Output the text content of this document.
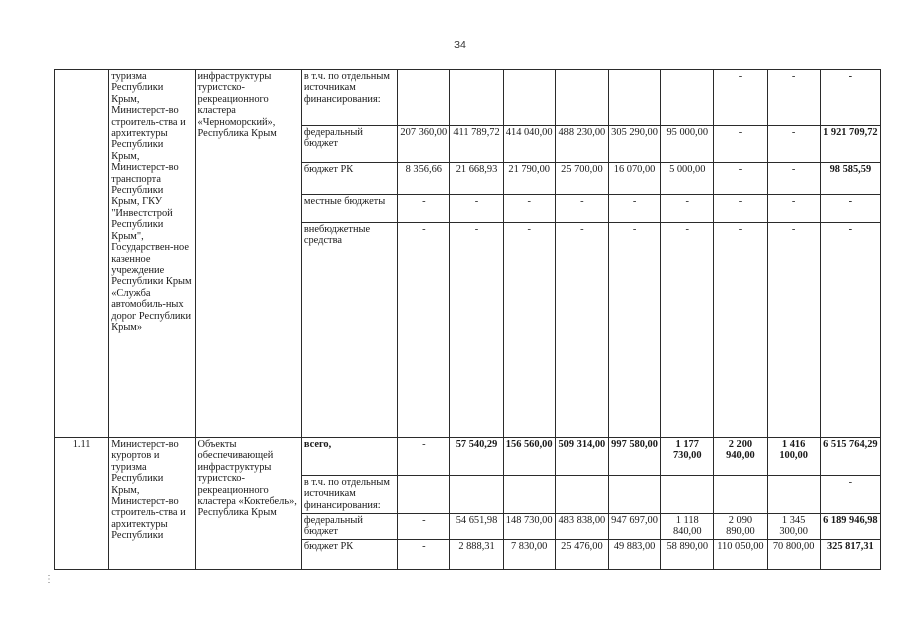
34
	туризма Республики Крым, Министерст-во строитель-ства и архитектуры Республики Крым, Министерст-во транспорта Республики Крым, ГКУ "Инвестстрой Республики Крым", Государствен-ное казенное учреждение Республики Крым «Служба автомобиль-ных дорог Республики Крым»	инфраструктуры туристско-рекреационного кластера «Черноморский», Республика Крым	в т.ч. по отдельным источникам финансирования:							-	-	-
			федеральный бюджет	207 360,00	411 789,72	414 040,00	488 230,00	305 290,00	95 000,00	-	-	1 921 709,72
			бюджет РК	8 356,66	21 668,93	21 790,00	25 700,00	16 070,00	5 000,00	-	-	98 585,59
			местные бюджеты	-	-	-	-	-	-	-	-	-
			внебюджетные средства	-	-	-	-	-	-	-	-	-
1.11	Министерст-во курортов и туризма Республики Крым, Министерст-во строитель-ства и архитектуры Республики	Объекты обеспечивающей инфраструктуры туристско-рекреационного кластера «Коктебель», Республика Крым	всего,	-	57 540,29	156 560,00	509 314,00	997 580,00	1 177 730,00	2 200 940,00	1 416 100,00	6 515 764,29
			в т.ч. по отдельным источникам финансирования:									-
			федеральный бюджет	-	54 651,98	148 730,00	483 838,00	947 697,00	1 118 840,00	2 090 890,00	1 345 300,00	6 189 946,98
			бюджет РК	-	2 888,31	7 830,00	25 476,00	49 883,00	58 890,00	110 050,00	70 800,00	325 817,31
⋮
